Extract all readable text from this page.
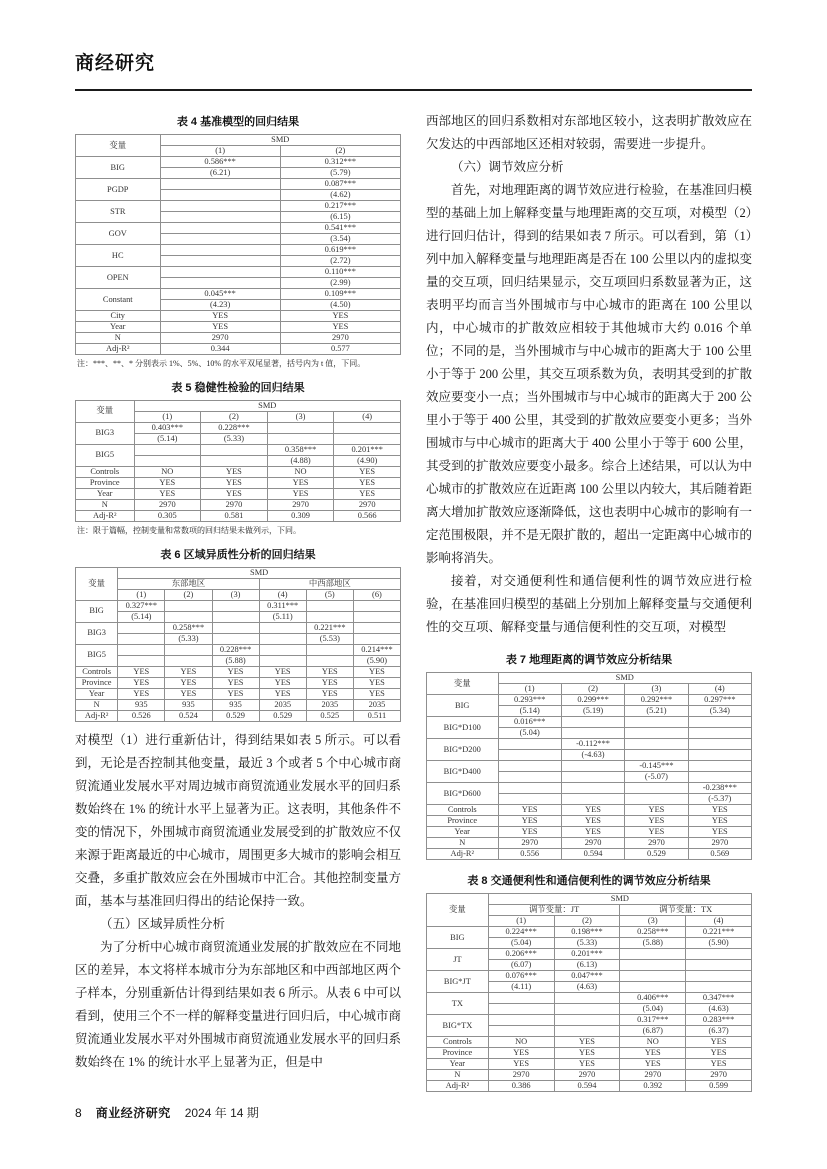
商经研究
表 4 基准模型的回归结果
变量	SMD	
	(1)	(2)
BIG	0.586***	0.312***
	(6.21)	(5.79)
PGDP		0.087***
		(4.62)
STR		0.217***
		(6.15)
GOV		0.541***
		(3.54)
HC		0.619***
		(2.72)
OPEN		0.110***
		(2.99)
Constant	0.045***	0.109***
	(4.23)	(4.50)
City	YES	YES
Year	YES	YES
N	2970	2970
Adj-R²	0.344	0.577
注：***、**、* 分别表示 1%、5%、10% 的水平双尾显著，括号内为 t 值，下同。
表 5 稳健性检验的回归结果
变量	SMD			
	(1)	(2)	(3)	(4)
BIG3	0.403***	0.228***		
	(5.14)	(5.33)		
BIG5			0.358***	0.201***
			(4.88)	(4.90)
Controls	NO	YES	NO	YES
Province	YES	YES	YES	YES
Year	YES	YES	YES	YES
N	2970	2970	2970	2970
Adj-R²	0.305	0.581	0.309	0.566
注：限于篇幅，控制变量和常数项的回归结果未做列示，下同。
表 6 区域异质性分析的回归结果
变量	SMD					
	东部地区			中西部地区		
	(1)	(2)	(3)	(4)	(5)	(6)
BIG	0.327***			0.311***		
	(5.14)			(5.11)		
BIG3		0.258***			0.221***	
		(5.33)			(5.53)	
BIG5			0.228***			0.214***
			(5.88)			(5.90)
Controls	YES	YES	YES	YES	YES	YES
Province	YES	YES	YES	YES	YES	YES
Year	YES	YES	YES	YES	YES	YES
N	935	935	935	2035	2035	2035
Adj-R²	0.526	0.524	0.529	0.529	0.525	0.511

对模型（1）进行重新估计，得到结果如表 5 所示。可以看到，无论是否控制其他变量，最近 3 个或者 5 个中心城市商贸流通业发展水平对周边城市商贸流通业发展水平的回归系数始终在 1% 的统计水平上显著为正。这表明，其他条件不变的情况下，外围城市商贸流通业发展受到的扩散效应不仅来源于距离最近的中心城市，周围更多大城市的影响会相互交叠，多重扩散效应会在外围城市中汇合。其他控制变量方面，基本与基准回归得出的结论保持一致。

（五）区域异质性分析

为了分析中心城市商贸流通业发展的扩散效应在不同地区的差异，本文将样本城市分为东部地区和中西部地区两个子样本，分别重新估计得到结果如表 6 所示。从表 6 中可以看到，使用三个不一样的解释变量进行回归后，中心城市商贸流通业发展水平对外围城市商贸流通业发展水平的回归系数始终在 1% 的统计水平上显著为正，但是中

西部地区的回归系数相对东部地区较小，这表明扩散效应在欠发达的中西部地区还相对较弱，需要进一步提升。

（六）调节效应分析

首先，对地理距离的调节效应进行检验，在基准回归模型的基础上加上解释变量与地理距离的交互项，对模型（2）进行回归估计，得到的结果如表 7 所示。可以看到，第（1）列中加入解释变量与地理距离是否在 100 公里以内的虚拟变量的交互项，回归结果显示，交互项回归系数显著为正，这表明平均而言当外围城市与中心城市的距离在 100 公里以内，中心城市的扩散效应相较于其他城市大约 0.016 个单位；不同的是，当外围城市与中心城市的距离大于 100 公里小于等于 200 公里，其交互项系数为负，表明其受到的扩散效应要变小一点；当外围城市与中心城市的距离大于 200 公里小于等于 400 公里，其受到的扩散效应要变小更多；当外围城市与中心城市的距离大于 400 公里小于等于 600 公里，其受到的扩散效应要变小最多。综合上述结果，可以认为中心城市的扩散效应在近距离 100 公里以内较大，其后随着距离大增加扩散效应逐渐降低，这也表明中心城市的影响有一定范围极限，并不是无限扩散的，超出一定距离中心城市的影响将消失。

接着，对交通便利性和通信便利性的调节效应进行检验，在基准回归模型的基础上分别加上解释变量与交通便利性的交互项、解释变量与通信便利性的交互项，对模型

表 7 地理距离的调节效应分析结果
变量	SMD			
	(1)	(2)	(3)	(4)
BIG	0.293***	0.299***	0.292***	0.297***
	(5.14)	(5.19)	(5.21)	(5.34)
BIG*D100	0.016***			
	(5.04)			
BIG*D200		-0.112***		
		(-4.63)		
BIG*D400			-0.145***	
			(-5.07)	
BIG*D600				-0.238***
				(-5.37)
Controls	YES	YES	YES	YES
Province	YES	YES	YES	YES
Year	YES	YES	YES	YES
N	2970	2970	2970	2970
Adj-R²	0.556	0.594	0.529	0.569
表 8 交通便利性和通信便利性的调节效应分析结果
变量	SMD			
	调节变量：JT		调节变量：TX	
	(1)	(2)	(3)	(4)
BIG	0.224***	0.198***	0.258***	0.221***
	(5.04)	(5.33)	(5.88)	(5.90)
JT	0.206***	0.201***		
	(6.07)	(6.13)		
BIG*JT	0.076***	0.047***		
	(4.11)	(4.63)		
TX			0.406***	0.347***
			(5.04)	(4.63)
BIG*TX			0.317***	0.283***
			(6.87)	(6.37)
Controls	NO	YES	NO	YES
Province	YES	YES	YES	YES
Year	YES	YES	YES	YES
N	2970	2970	2970	2970
Adj-R²	0.386	0.594	0.392	0.599
8 商业经济研究 2024 年 14 期
